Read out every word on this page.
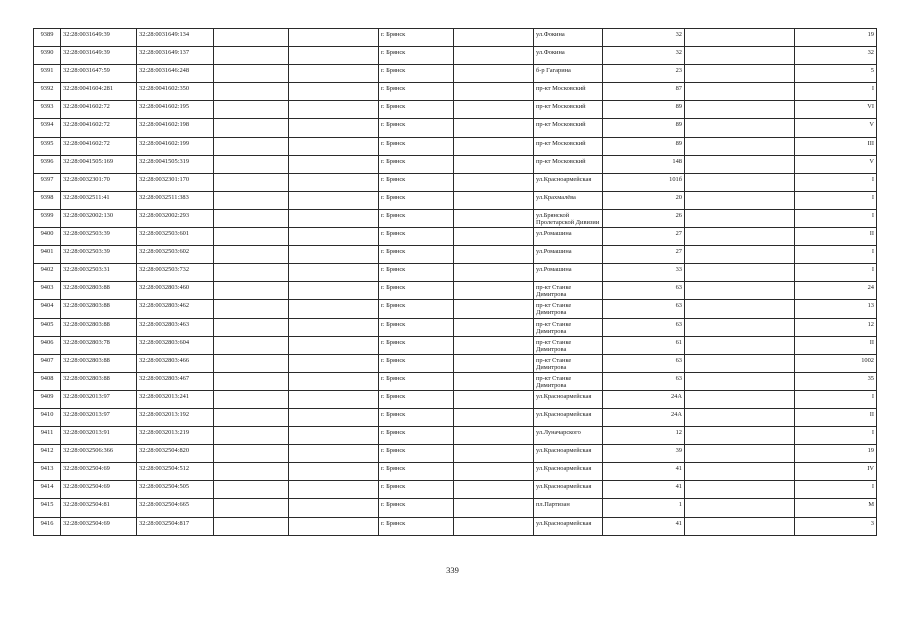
9389	32:28:0031649:39	32:28:0031649:134			г. Брянск		ул.Фокина	32		19
9390	32:28:0031649:39	32:28:0031649:137			г. Брянск		ул.Фокина	32		32
9391	32:28:0031647:59	32:28:0031646:248			г. Брянск		б-р Гагарина	23		5
9392	32:28:0041604:281	32:28:0041602:350			г. Брянск		пр-кт Московский	87		I
9393	32:28:0041602:72	32:28:0041602:195			г. Брянск		пр-кт Московский	89		VI
9394	32:28:0041602:72	32:28:0041602:198			г. Брянск		пр-кт Московский	89		V
9395	32:28:0041602:72	32:28:0041602:199			г. Брянск		пр-кт Московский	89		III
9396	32:28:0041505:169	32:28:0041505:319			г. Брянск		пр-кт Московский	148		V
9397	32:28:0032301:70	32:28:0032301:170			г. Брянск		ул.Красноармейская	101б		I
9398	32:28:0032511:41	32:28:0032511:383			г. Брянск		ул.Крахмалёва	20		I
9399	32:28:0032002:130	32:28:0032002:293			г. Брянск		ул.Брянской Пролетарской Дивизии	26		I
9400	32:28:0032503:39	32:28:0032503:601			г. Брянск		ул.Ромашина	27		II
9401	32:28:0032503:39	32:28:0032503:602			г. Брянск		ул.Ромашина	27		I
9402	32:28:0032503:31	32:28:0032503:732			г. Брянск		ул.Ромашина	33		I
9403	32:28:0032803:88	32:28:0032803:460			г. Брянск		пр-кт Станке Димитрова	63		24
9404	32:28:0032803:88	32:28:0032803:462			г. Брянск		пр-кт Станке Димитрова	63		13
9405	32:28:0032803:88	32:28:0032803:463			г. Брянск		пр-кт Станке Димитрова	63		12
9406	32:28:0032803:78	32:28:0032803:604			г. Брянск		пр-кт Станке Димитрова	61		II
9407	32:28:0032803:88	32:28:0032803:466			г. Брянск		пр-кт Станке Димитрова	63		1002
9408	32:28:0032803:88	32:28:0032803:467			г. Брянск		пр-кт Станке Димитрова	63		35
9409	32:28:0032013:97	32:28:0032013:241			г. Брянск		ул.Красноармейская	24А		I
9410	32:28:0032013:97	32:28:0032013:192			г. Брянск		ул.Красноармейская	24А		II
9411	32:28:0032013:91	32:28:0032013:219			г. Брянск		ул.Луначарского	12		I
9412	32:28:0032506:366	32:28:0032504:820			г. Брянск		ул.Красноармейская	39		19
9413	32:28:0032504:69	32:28:0032504:512			г. Брянск		ул.Красноармейская	41		IV
9414	32:28:0032504:69	32:28:0032504:505			г. Брянск		ул.Красноармейская	41		I
9415	32:28:0032504:81	32:28:0032504:665			г. Брянск		пл.Партизан	1		М
9416	32:28:0032504:69	32:28:0032504:817			г. Брянск		ул.Красноармейская	41		3
339
